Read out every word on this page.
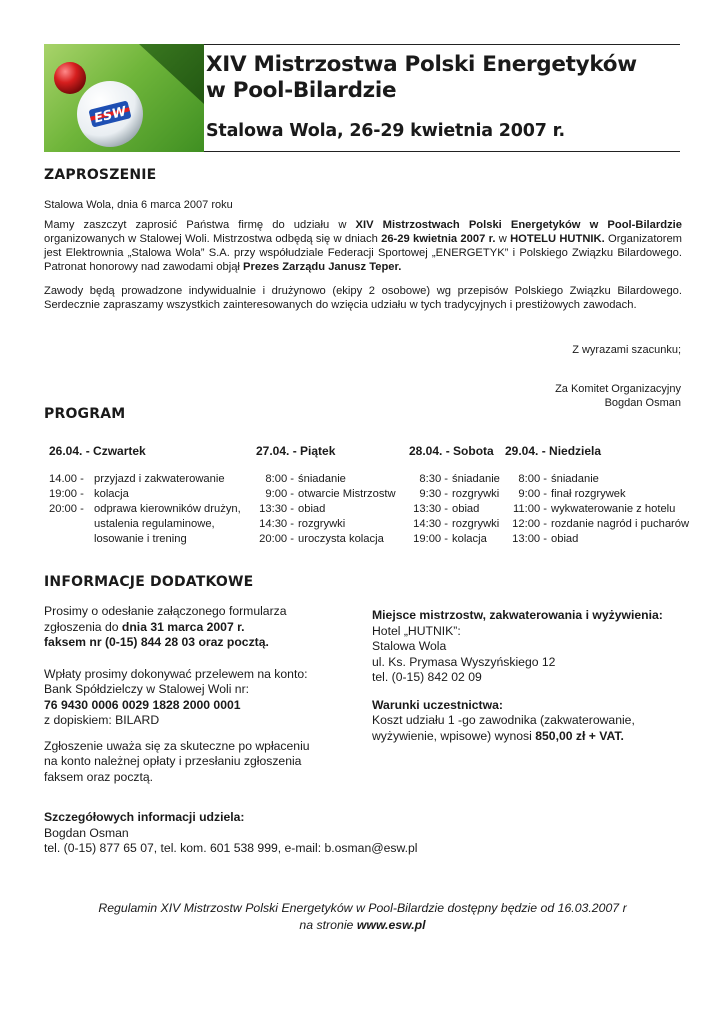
ESW
XIV Mistrzostwa Polski Energetyków
w Pool-Bilardzie
Stalowa Wola, 26-29 kwietnia 2007 r.
ZAPROSZENIE
Stalowa Wola, dnia 6 marca 2007 roku
Mamy zaszczyt zaprosić Państwa firmę do udziału w XIV Mistrzostwach Polski Energetyków w Pool-Bilardzie organizowanych w Stalowej Woli. Mistrzostwa odbędą się w dniach 26-29 kwietnia 2007 r. w HOTELU HUTNIK. Organizatorem jest Elektrownia „Stalowa Wola” S.A. przy współudziale Federacji Sportowej „ENERGETYK” i Polskiego Związku Bilardowego. Patronat honorowy nad zawodami objął Prezes Zarządu Janusz Teper.
Zawody będą prowadzone indywidualnie i drużynowo (ekipy 2 osobowe) wg przepisów Polskiego Związku Bilardowego. Serdecznie zapraszamy wszystkich zainteresowanych do wzięcia udziału w tych tradycyjnych i prestiżowych zawodach.
Z wyrazami szacunku;
Za Komitet Organizacyjny
Bogdan Osman
PROGRAM
26.04. - Czwartek	27.04. - Piątek	28.04. - Sobota 29.04. - Niedziela
14.00 - przyjazd i zakwaterowanie
19:00 - kolacja
20:00 - odprawa kierowników drużyn,
ustalenia regulaminowe,
losowanie i trening
8:00 - śniadanie
9:00 - otwarcie Mistrzostw
13:30 - obiad
14:30 - rozgrywki
20:00 - uroczysta kolacja
8:30 - śniadanie
9:30 - rozgrywki
13:30 - obiad
14:30 - rozgrywki
19:00 - kolacja
8:00 - śniadanie
9:00 - finał rozgrywek
11:00 - wykwaterowanie z hotelu
12:00 - rozdanie nagród i pucharów
13:00 - obiad
INFORMACJE DODATKOWE
Prosimy o odesłanie załączonego formularza
zgłoszenia do dnia 31 marca 2007 r.
faksem nr (0-15) 844 28 03 oraz pocztą.
Wpłaty prosimy dokonywać przelewem na konto:
Bank Spółdzielczy w Stalowej Woli nr:
76 9430 0006 0029 1828 2000 0001
z dopiskiem: BILARD
Zgłoszenie uważa się za skuteczne po wpłaceniu
na konto należnej opłaty i przesłaniu zgłoszenia
faksem oraz pocztą.
Miejsce mistrzostw, zakwaterowania i wyżywienia:
Hotel „HUTNIK”:
Stalowa Wola
ul. Ks. Prymasa Wyszyńskiego 12
tel. (0-15) 842 02 09
Warunki uczestnictwa:
Koszt udziału 1 -go zawodnika (zakwaterowanie,
wyżywienie, wpisowe) wynosi 850,00 zł + VAT.
Szczegółowych informacji udziela:
Bogdan Osman
tel. (0-15) 877 65 07, tel. kom. 601 538 999, e-mail: b.osman@esw.pl
Regulamin XIV Mistrzostw Polski Energetyków w Pool-Bilardzie dostępny będzie od 16.03.2007 r
na stronie www.esw.pl
